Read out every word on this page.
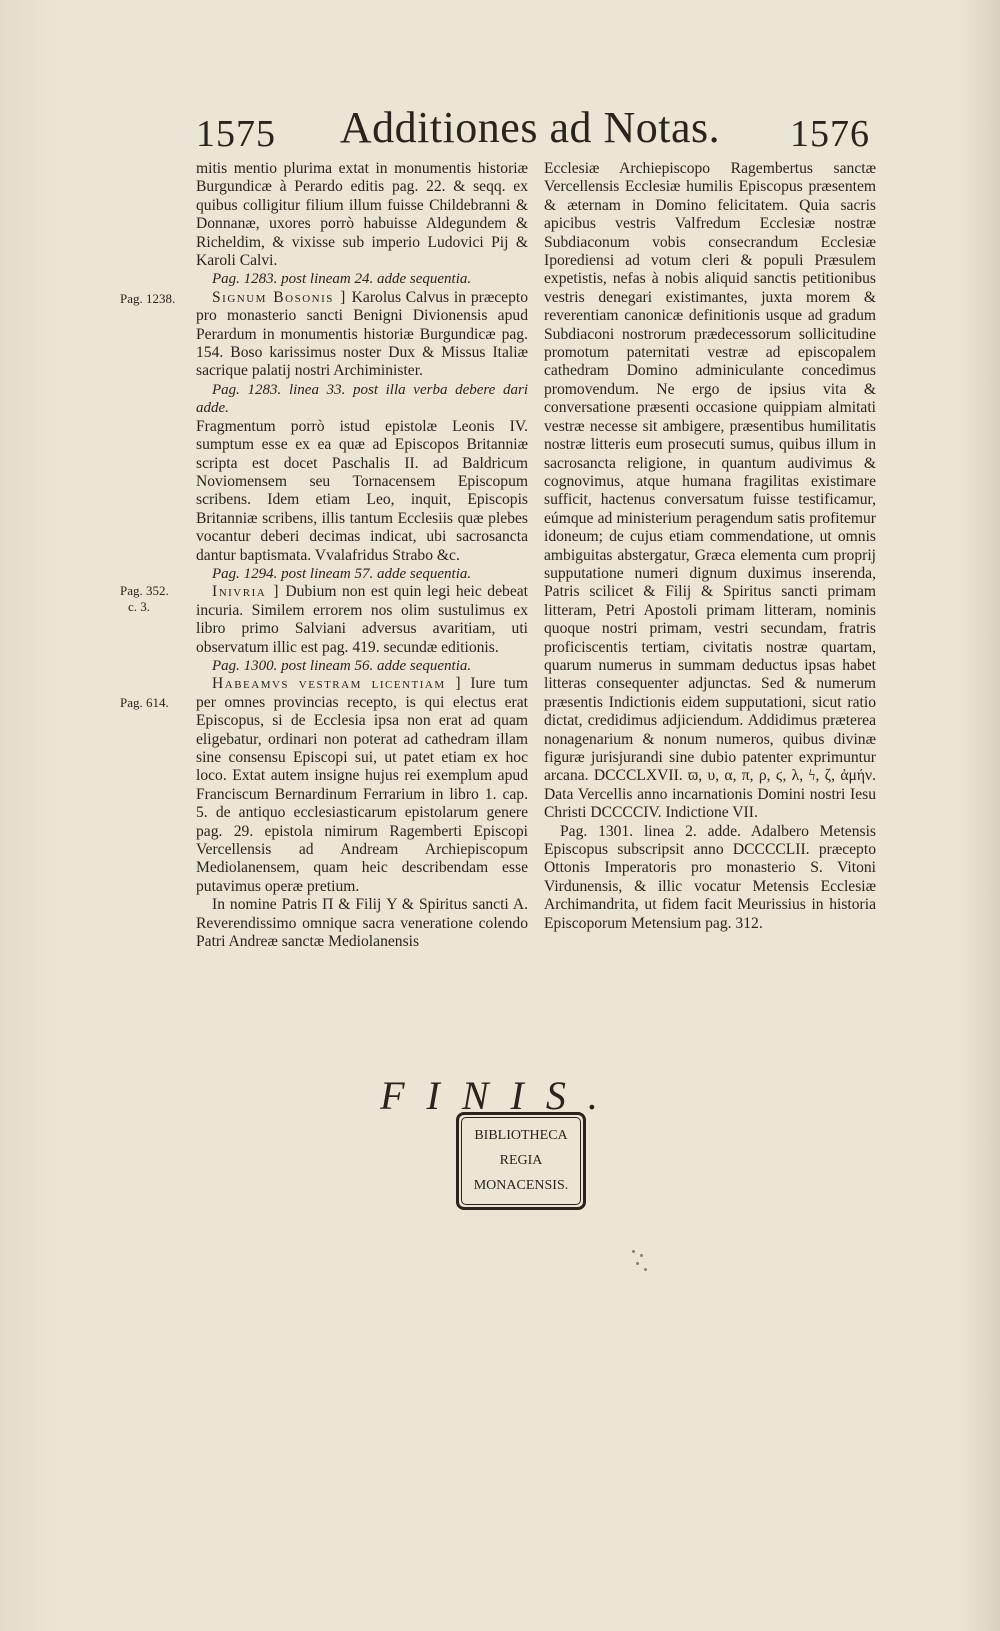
1575	Additiones ad Notas.	1576
Pag. 1238.
Pag. 352.
c. 3.
Pag. 614.

mitis mentio plurima extat in monumentis historiæ Burgundicæ à Perardo editis pag. 22. & seqq. ex quibus colligitur filium illum fuisse Childebranni & Donnanæ, uxores porrò habuisse Aldegundem & Richeldim, & vixisse sub imperio Ludovici Pij & Karoli Calvi.

Pag. 1283. post lineam 24. adde sequentia.

Signum Bosonis ] Karolus Calvus in præcepto pro monasterio sancti Benigni Divionensis apud Perardum in monumentis historiæ Burgundicæ pag. 154. Boso karissimus noster Dux & Missus Italiæ sacrique palatij nostri Archiminister.

Pag. 1283. linea 33. post illa verba debere dari adde.

Fragmentum porrò istud epistolæ Leonis IV. sumptum esse ex ea quæ ad Episcopos Britanniæ scripta est docet Paschalis II. ad Baldricum Noviomensem seu Tornacensem Episcopum scribens. Idem etiam Leo, inquit, Episcopis Britanniæ scribens, illis tantum Ecclesiis quæ plebes vocantur deberi decimas indicat, ubi sacrosancta dantur baptismata. Vvalafridus Strabo &c.

Pag. 1294. post lineam 57. adde sequentia.

Inivria ] Dubium non est quin legi heic debeat incuria. Similem errorem nos olim sustulimus ex libro primo Salviani adversus avaritiam, uti observatum illic est pag. 419. secundæ editionis.

Pag. 1300. post lineam 56. adde sequentia.

Habeamvs vestram licentiam ] Iure tum per omnes provincias recepto, is qui electus erat Episcopus, si de Ecclesia ipsa non erat ad quam eligebatur, ordinari non poterat ad cathedram illam sine consensu Episcopi sui, ut patet etiam ex hoc loco. Extat autem insigne hujus rei exemplum apud Franciscum Bernardinum Ferrarium in libro 1. cap. 5. de antiquo ecclesiasticarum epistolarum genere pag. 29. epistola nimirum Ragemberti Episcopi Vercellensis ad Andream Archiepiscopum Mediolanensem, quam heic describendam esse putavimus operæ pretium.

In nomine Patris Π & Filij Υ & Spiritus sancti A. Reverendissimo omnique sacra veneratione colendo Patri Andreæ sanctæ Mediolanensis

Ecclesiæ Archiepiscopo Ragembertus sanctæ Vercellensis Ecclesiæ humilis Episcopus præsentem & æternam in Domino felicitatem. Quia sacris apicibus vestris Valfredum Ecclesiæ nostræ Subdiaconum vobis consecrandum Ecclesiæ Iporediensi ad votum cleri & populi Præsulem expetistis, nefas à nobis aliquid sanctis petitionibus vestris denegari existimantes, juxta morem & reverentiam canonicæ definitionis usque ad gradum Subdiaconi nostrorum prædecessorum sollicitudine promotum paternitati vestræ ad episcopalem cathedram Domino adminiculante concedimus promovendum. Ne ergo de ipsius vita & conversatione præsenti occasione quippiam almitati vestræ necesse sit ambigere, præsentibus humilitatis nostræ litteris eum prosecuti sumus, quibus illum in sacrosancta religione, in quantum audivimus & cognovimus, atque humana fragilitas existimare sufficit, hactenus conversatum fuisse testificamur, eúmque ad ministerium peragendum satis profitemur idoneum; de cujus etiam commendatione, ut omnis ambiguitas abstergatur, Græca elementa cum proprij supputatione numeri dignum duximus inserenda, Patris scilicet & Filij & Spiritus sancti primam litteram, Petri Apostoli primam litteram, nominis quoque nostri primam, vestri secundam, fratris proficiscentis tertiam, civitatis nostræ quartam, quarum numerus in summam deductus ipsas habet litteras consequenter adjunctas. Sed & numerum præsentis Indictionis eidem supputationi, sicut ratio dictat, credidimus adjiciendum. Addidimus præterea nonagenarium & nonum numeros, quibus divinæ figuræ jurisjurandi sine dubio patenter exprimuntur arcana. DCCCLXVII. ϖ, υ, α, π, ρ, ϛ, λ, ϟ, ζ, ἀμήν. Data Vercellis anno incarnationis Domini nostri Iesu Christi DCCCCIV. Indictione VII.

Pag. 1301. linea 2. adde. Adalbero Metensis Episcopus subscripsit anno DCCCCLII. præcepto Ottonis Imperatoris pro monasterio S. Vitoni Virdunensis, & illic vocatur Metensis Ecclesiæ Archimandrita, ut fidem facit Meurissius in historia Episcoporum Metensium pag. 312.

FINIS.
BIBLIOTHECA
REGIA
MONACENSIS.
